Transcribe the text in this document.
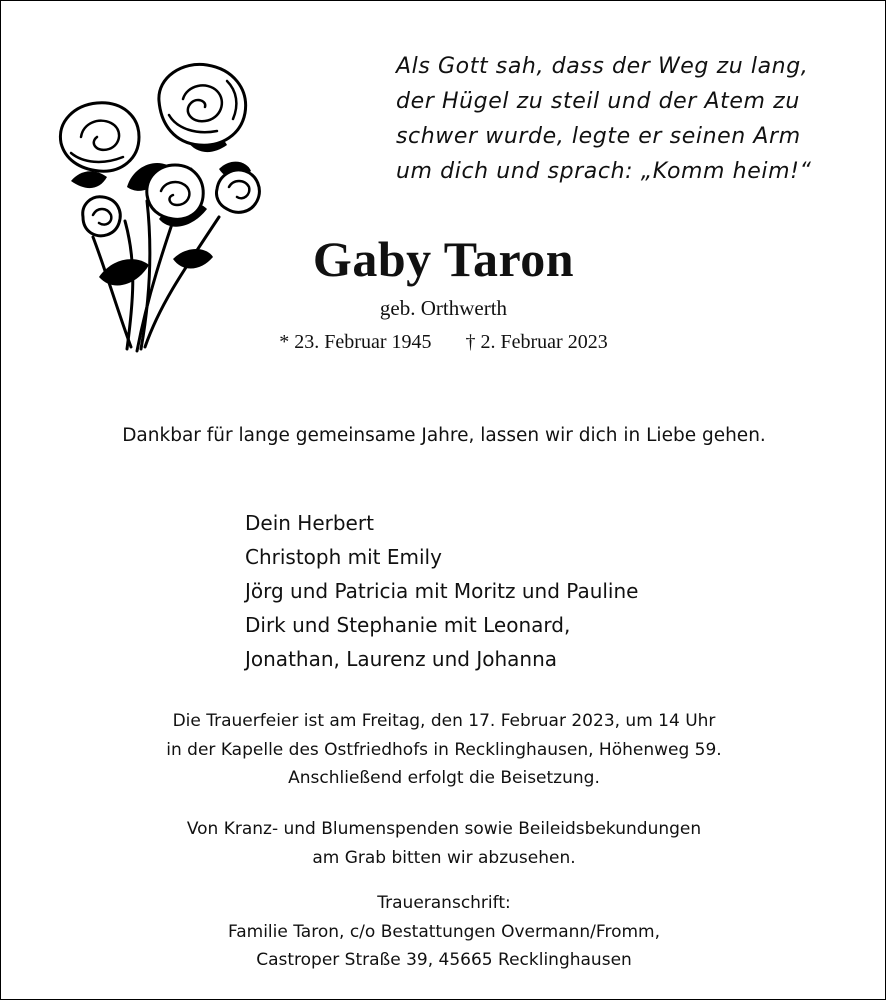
Als Gott sah, dass der Weg zu lang,
der Hügel zu steil und der Atem zu
schwer wurde, legte er seinen Arm
um dich und sprach: „Komm heim!“
Gaby Taron
geb. Orthwerth
* 23. Februar 1945 † 2. Februar 2023
Dankbar für lange gemeinsame Jahre, lassen wir dich in Liebe gehen.
Dein Herbert
Christoph mit Emily
Jörg und Patricia mit Moritz und Pauline
Dirk und Stephanie mit Leonard,
Jonathan, Laurenz und Johanna
Die Trauerfeier ist am Freitag, den 17. Februar 2023, um 14 Uhr
in der Kapelle des Ostfriedhofs in Recklinghausen, Höhenweg 59.
Anschließend erfolgt die Beisetzung.
Von Kranz- und Blumenspenden sowie Beileidsbekundungen
am Grab bitten wir abzusehen.
Traueranschrift:
Familie Taron, c/o Bestattungen Overmann/Fromm,
Castroper Straße 39, 45665 Recklinghausen
